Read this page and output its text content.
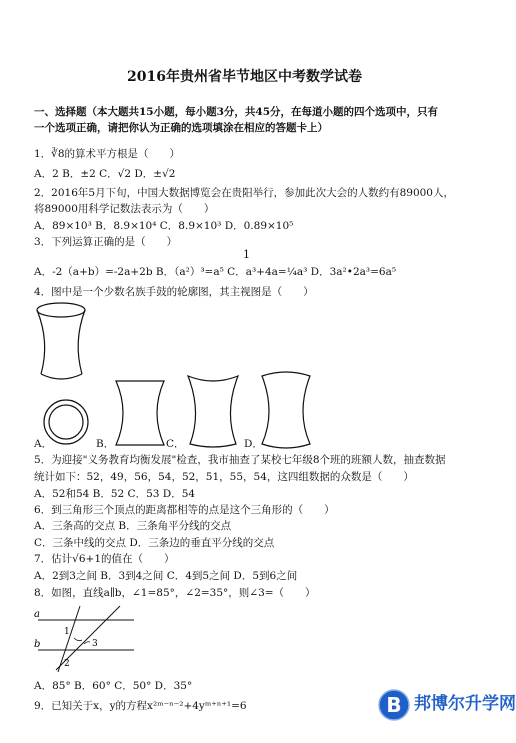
2016年贵州省毕节地区中考数学试卷
一、选择题（本大题共15小题，每小题3分，共45分，在每道小题的四个选项中，只有
一个选项正确，请把你认为正确的选项填涂在相应的答题卡上）
1．∛8的算术平方根是（　　）
A．2 B．±2 C．√2 D．±√2
2．2016年5月下旬，中国大数据博览会在贵阳举行，参加此次大会的人数约有89000人，
将89000用科学记数法表示为（　　）
A．89×10³ B．8.9×10⁴ C．8.9×10³ D．0.89×10⁵
3．下列运算正确的是（　　）
1
A．-2（a+b）=-2a+2b B．（a²）³=a⁵ C．a³+4a=¼a³ D．3a²•2a³=6a⁵
4．图中是一个少数名族手鼓的轮廓图，其主视图是（　　）
A．	B．	C．	D．
5．为迎接"义务教育均衡发展"检查，我市抽查了某校七年级8个班的班额人数，抽查数据
统计如下：52，49，56，54，52，51，55，54，这四组数据的众数是（　　）
A．52和54 B．52 C．53 D．54
6．到三角形三个顶点的距离都相等的点是这个三角形的（　　）
A．三条高的交点 B．三条角平分线的交点
C．三条中线的交点 D．三条边的垂直平分线的交点
7．估计√6+1的值在（　　）
A．2到3之间 B．3到4之间 C．4到5之间 D．5到6之间
8．如图，直线a∥b，∠1=85°，∠2=35°，则∠3=（　　）
a
b
1
2
3
A．85° B．60° C．50° D．35°
9．已知关于x，y的方程x²ᵐ⁻ⁿ⁻²+4yᵐ⁺ⁿ⁺¹=6	B 邦博尔升学网
